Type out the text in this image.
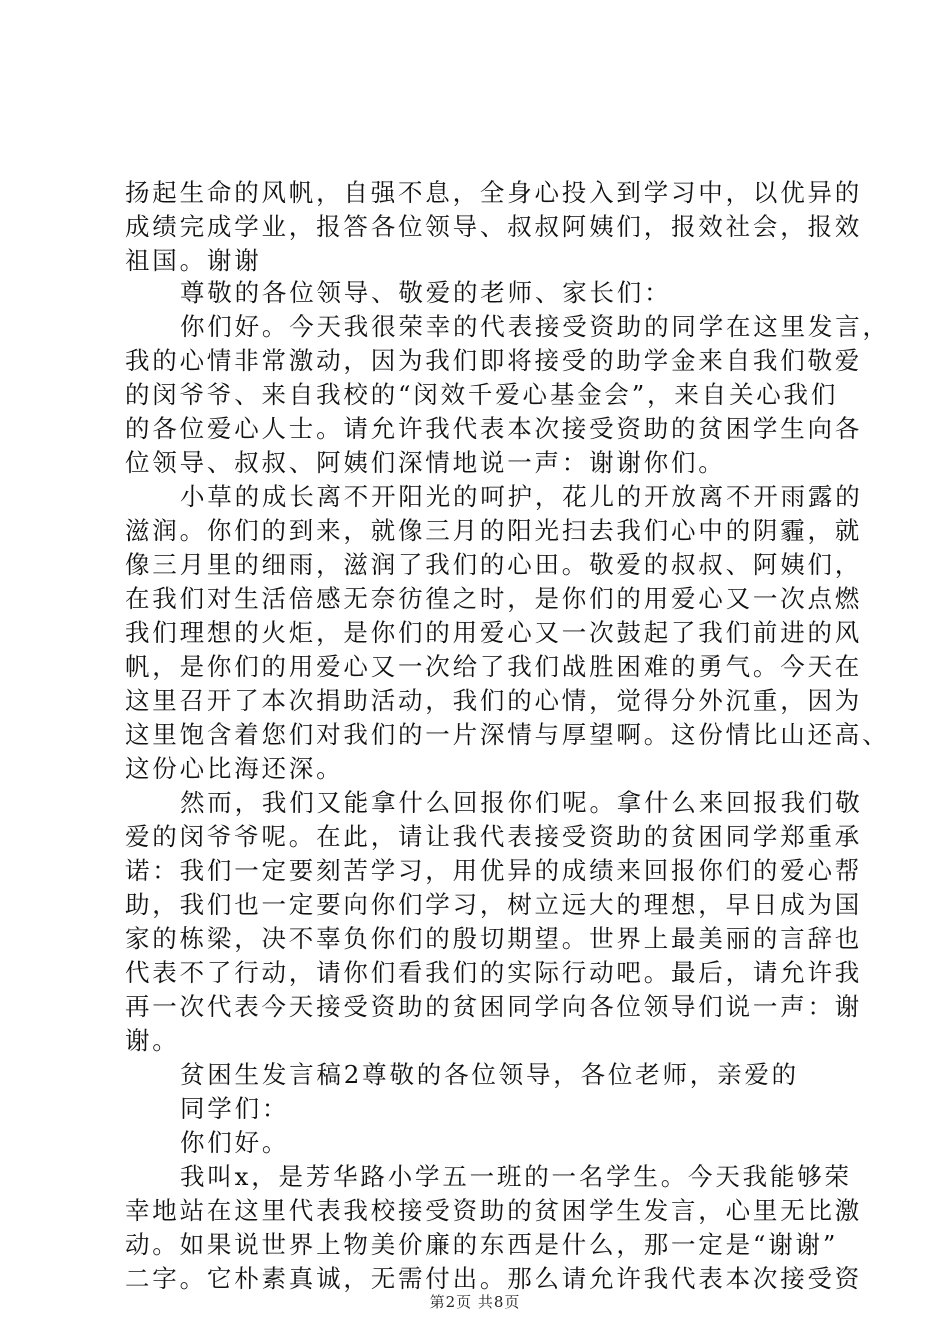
扬起生命的风帆，自强不息，全身心投入到学习中，以优异的
成绩完成学业，报答各位领导、叔叔阿姨们，报效社会，报效
祖国。谢谢
尊敬的各位领导、敬爱的老师、家长们：
你们好。今天我很荣幸的代表接受资助的同学在这里发言，
我的心情非常激动，因为我们即将接受的助学金来自我们敬爱
的闵爷爷、来自我校的“闵效千爱心基金会”，来自关心我们
的各位爱心人士。请允许我代表本次接受资助的贫困学生向各
位领导、叔叔、阿姨们深情地说一声：谢谢你们。
小草的成长离不开阳光的呵护，花儿的开放离不开雨露的
滋润。你们的到来，就像三月的阳光扫去我们心中的阴霾，就
像三月里的细雨，滋润了我们的心田。敬爱的叔叔、阿姨们，
在我们对生活倍感无奈彷徨之时，是你们的用爱心又一次点燃
我们理想的火炬，是你们的用爱心又一次鼓起了我们前进的风
帆，是你们的用爱心又一次给了我们战胜困难的勇气。今天在
这里召开了本次捐助活动，我们的心情，觉得分外沉重，因为
这里饱含着您们对我们的一片深情与厚望啊。这份情比山还高、
这份心比海还深。
然而，我们又能拿什么回报你们呢。拿什么来回报我们敬
爱的闵爷爷呢。在此，请让我代表接受资助的贫困同学郑重承
诺：我们一定要刻苦学习，用优异的成绩来回报你们的爱心帮
助，我们也一定要向你们学习，树立远大的理想，早日成为国
家的栋梁，决不辜负你们的殷切期望。世界上最美丽的言辞也
代表不了行动，请你们看我们的实际行动吧。最后，请允许我
再一次代表今天接受资助的贫困同学向各位领导们说一声：谢
谢。
贫困生发言稿2尊敬的各位领导，各位老师，亲爱的
同学们：
你们好。
我叫x，是芳华路小学五一班的一名学生。今天我能够荣
幸地站在这里代表我校接受资助的贫困学生发言，心里无比激
动。如果说世界上物美价廉的东西是什么，那一定是“谢谢”
二字。它朴素真诚，无需付出。那么请允许我代表本次接受资
第2页 共8页
